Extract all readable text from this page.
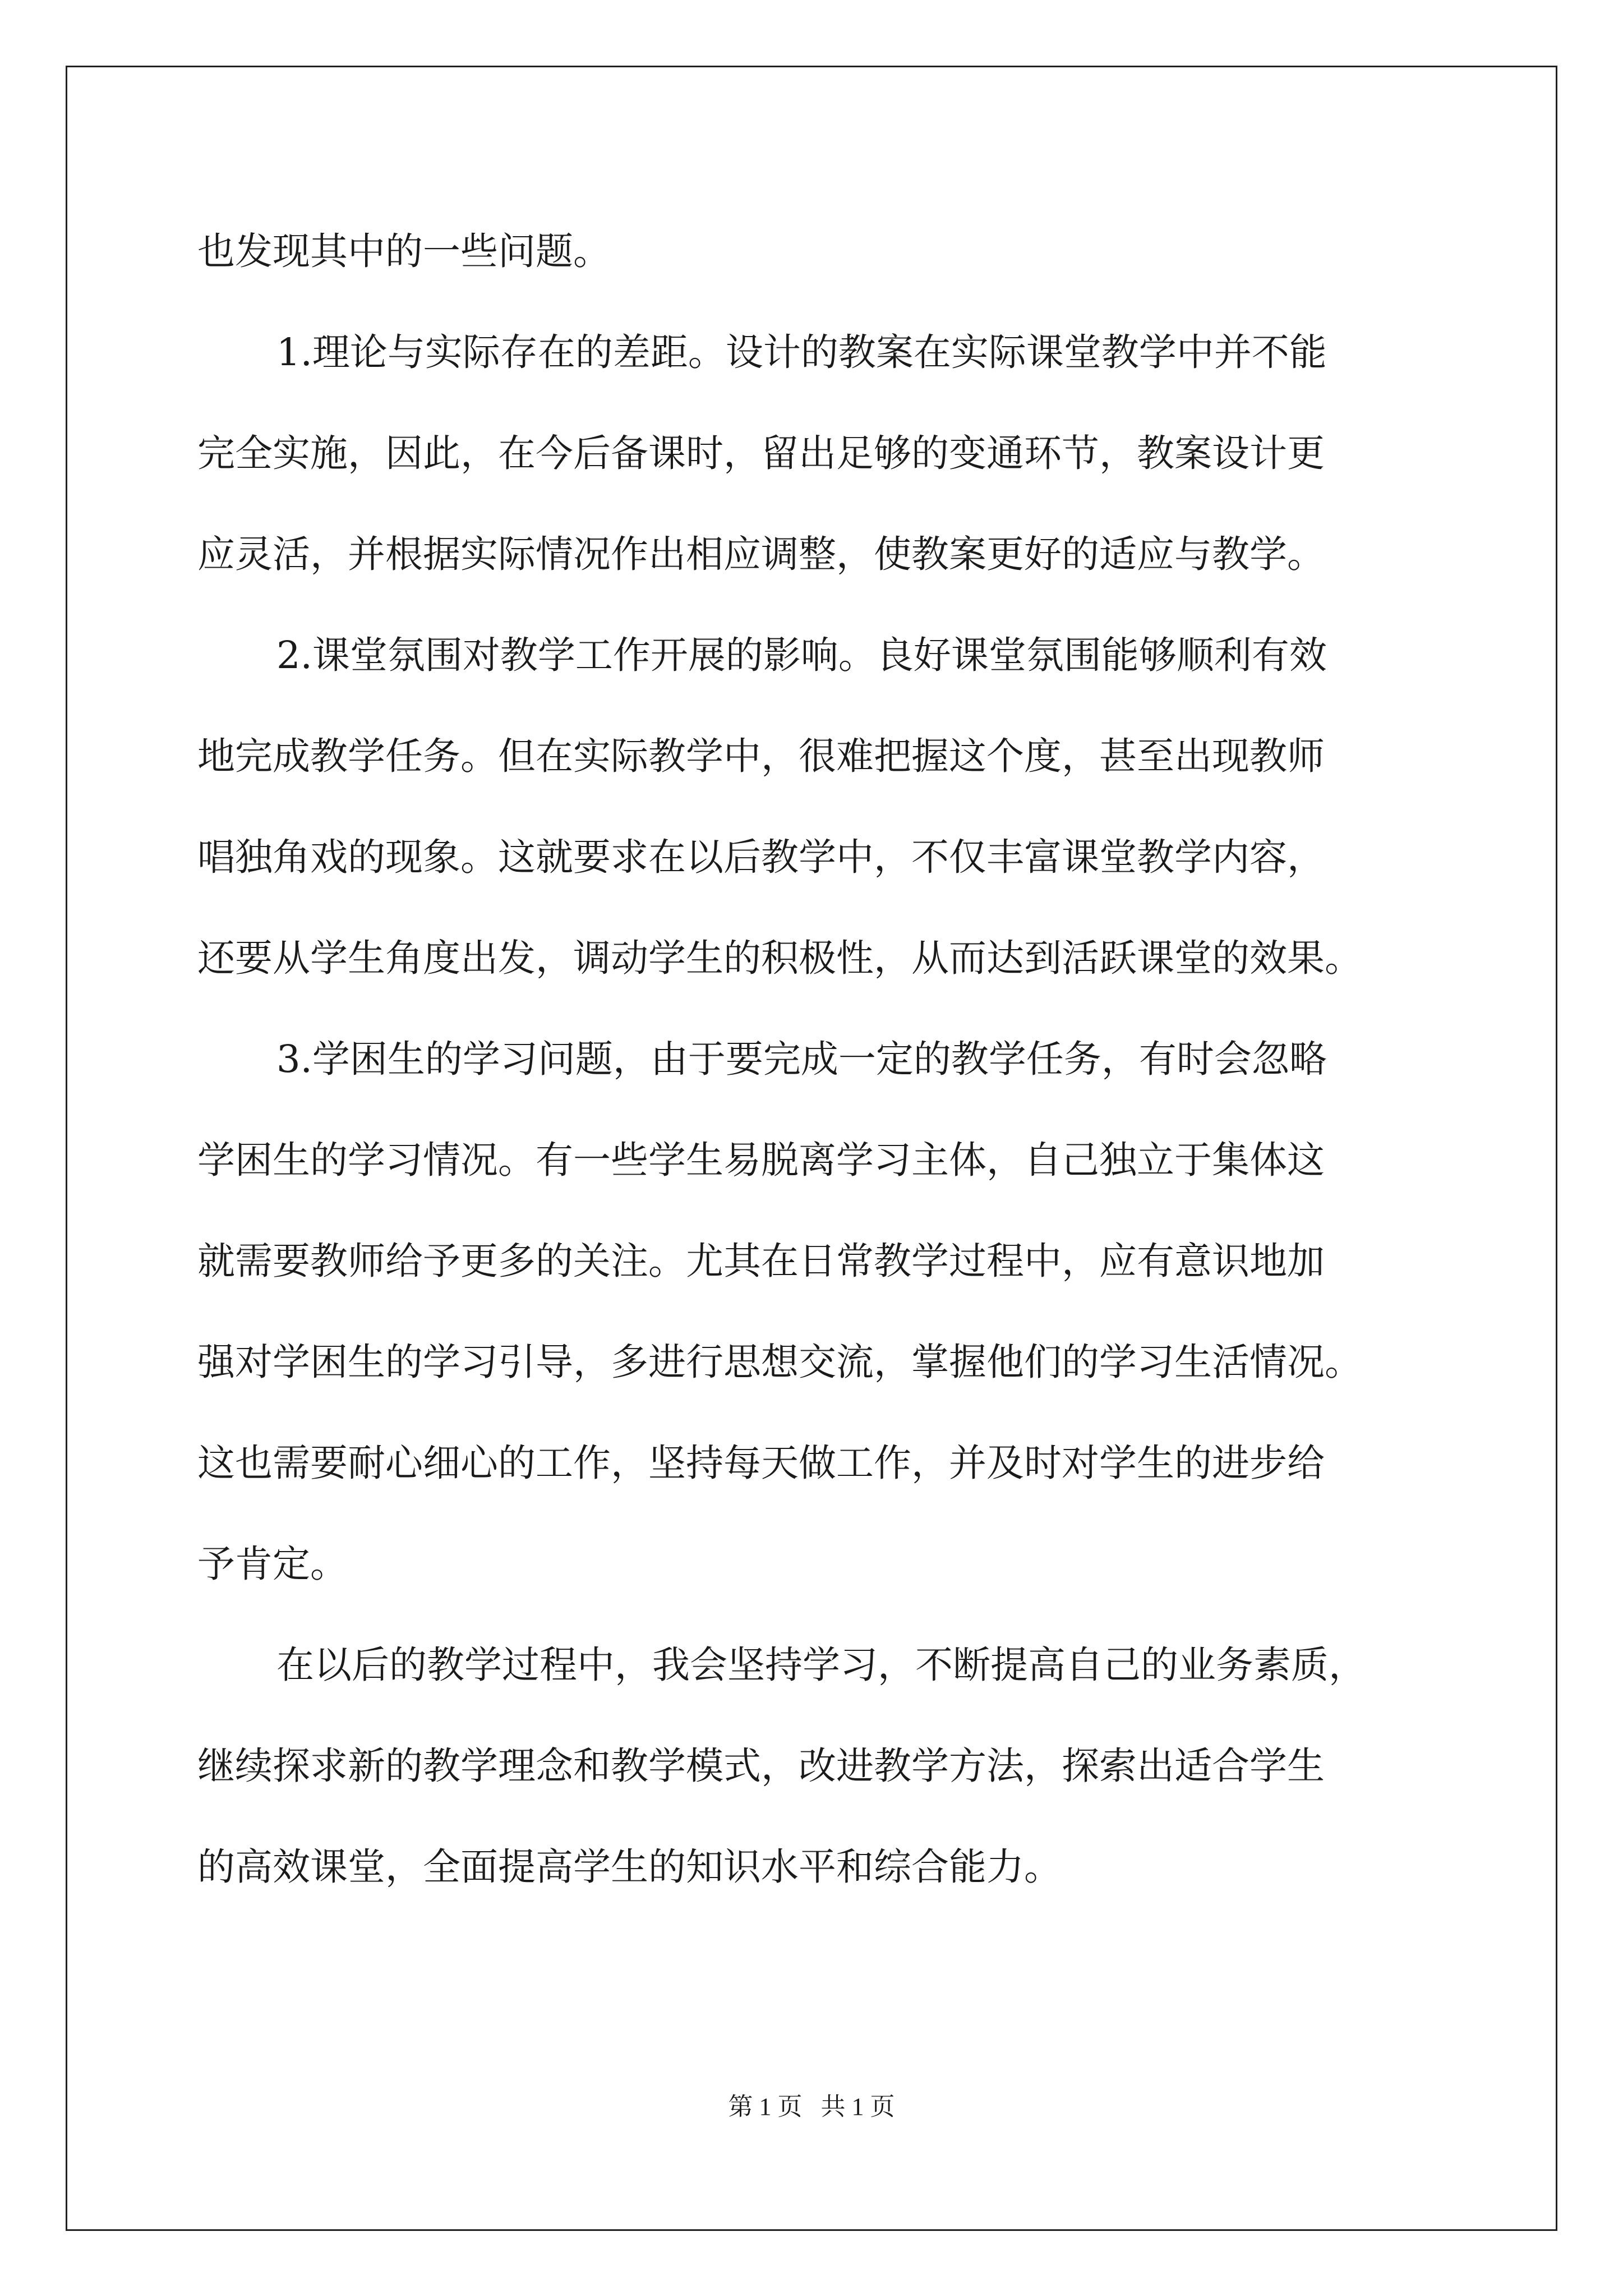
也发现其中的一些问题。
1.理论与实际存在的差距。设计的教案在实际课堂教学中并不能
完全实施，因此，在今后备课时，留出足够的变通环节，教案设计更
应灵活，并根据实际情况作出相应调整，使教案更好的适应与教学。
2.课堂氛围对教学工作开展的影响。良好课堂氛围能够顺利有效
地完成教学任务。但在实际教学中，很难把握这个度，甚至出现教师
唱独角戏的现象。这就要求在以后教学中，不仅丰富课堂教学内容，
还要从学生角度出发，调动学生的积极性，从而达到活跃课堂的效果。
3.学困生的学习问题，由于要完成一定的教学任务，有时会忽略
学困生的学习情况。有一些学生易脱离学习主体，自己独立于集体这
就需要教师给予更多的关注。尤其在日常教学过程中，应有意识地加
强对学困生的学习引导，多进行思想交流，掌握他们的学习生活情况。
这也需要耐心细心的工作，坚持每天做工作，并及时对学生的进步给
予肯定。
在以后的教学过程中，我会坚持学习，不断提高自己的业务素质，
继续探求新的教学理念和教学模式，改进教学方法，探索出适合学生
的高效课堂，全面提高学生的知识水平和综合能力。
第 1 页   共 1 页
